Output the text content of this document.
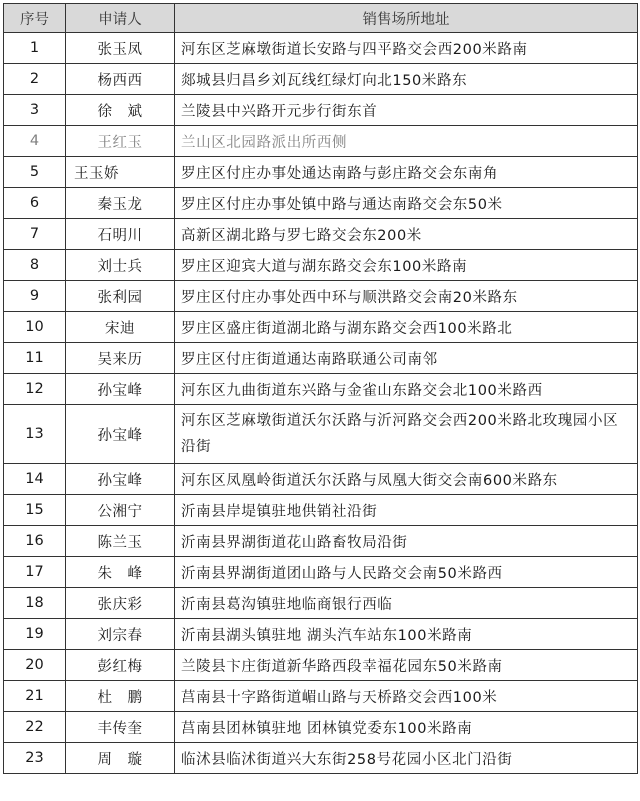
序号	申请人	销售场所地址
1	张玉凤	河东区芝麻墩街道长安路与四平路交会西200米路南
2	杨西西	郯城县归昌乡刘瓦线红绿灯向北150米路东
3	徐　斌	兰陵县中兴路开元步行街东首
4	王红玉	兰山区北园路派出所西侧
5	王玉娇	罗庄区付庄办事处通达南路与彭庄路交会东南角
6	秦玉龙	罗庄区付庄办事处镇中路与通达南路交会东50米
7	石明川	高新区湖北路与罗七路交会东200米
8	刘士兵	罗庄区迎宾大道与湖东路交会东100米路南
9	张利园	罗庄区付庄办事处西中环与顺洪路交会南20米路东
10	宋迪	罗庄区盛庄街道湖北路与湖东路交会西100米路北
11	吴来历	罗庄区付庄街道通达南路联通公司南邻
12	孙宝峰	河东区九曲街道东兴路与金雀山东路交会北100米路西
13	孙宝峰	河东区芝麻墩街道沃尔沃路与沂河路交会西200米路北玫瑰园小区沿街
14	孙宝峰	河东区凤凰岭街道沃尔沃路与凤凰大街交会南600米路东
15	公湘宁	沂南县岸堤镇驻地供销社沿街
16	陈兰玉	沂南县界湖街道花山路畜牧局沿街
17	朱　峰	沂南县界湖街道团山路与人民路交会南50米路西
18	张庆彩	沂南县葛沟镇驻地临商银行西临
19	刘宗春	沂南县湖头镇驻地 湖头汽车站东100米路南
20	彭红梅	兰陵县卞庄街道新华路西段幸福花园东50米路南
21	杜　鹏	莒南县十字路街道嵋山路与天桥路交会西100米
22	丰传奎	莒南县团林镇驻地 团林镇党委东100米路南
23	周　璇	临沭县临沭街道兴大东街258号花园小区北门沿街
